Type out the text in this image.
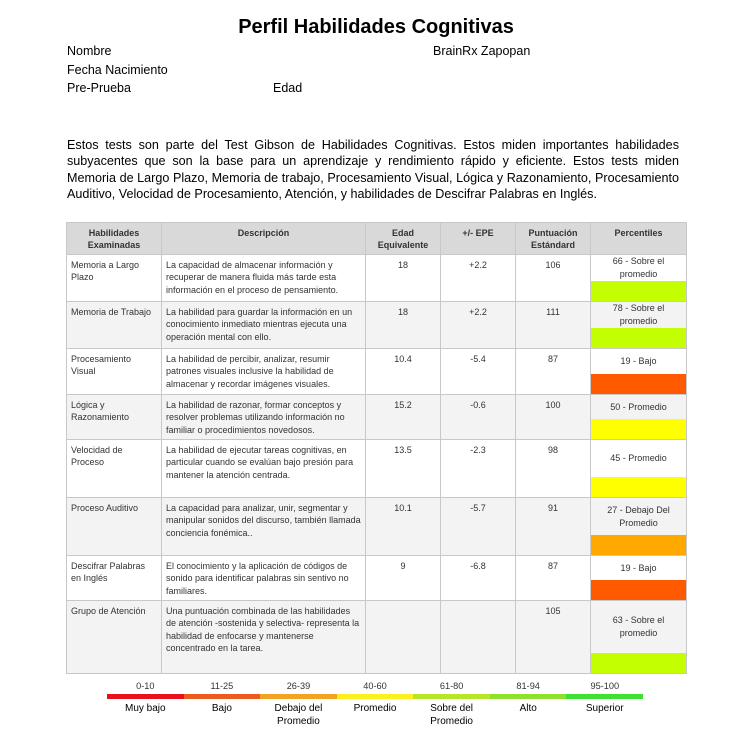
Perfil Habilidades Cognitivas
Nombre	BrainRx Zapopan
Fecha Nacimiento
Pre-Prueba	Edad
Estos tests son parte del Test Gibson de Habilidades Cognitivas. Estos miden importantes habilidades subyacentes que son la base para un aprendizaje y rendimiento rápido y eficiente. Estos tests miden Memoria de Largo Plazo, Memoria de trabajo, Procesamiento Visual, Lógica y Razonamiento, Procesamiento Auditivo, Velocidad de Procesamiento, Atención, y habilidades de Descifrar Palabras en Inglés.
Habilidades Examinadas	Descripción	Edad Equivalente	+/- EPE	Puntuación Estándard	Percentiles
Memoria a Largo Plazo	La capacidad de almacenar información y recuperar de manera fluida más tarde esta información en el proceso de pensamiento.	18	+2.2	106	66 - Sobre el promedio

Memoria de Trabajo	La habilidad para guardar la información en un conocimiento inmediato mientras ejecuta una operación mental con ello.	18	+2.2	111	78 - Sobre el promedio

Procesamiento Visual	La habilidad de percibir, analizar, resumir patrones visuales inclusive la habilidad de almacenar y recordar imágenes visuales.	10.4	-5.4	87	19 - Bajo

Lógica y Razonamiento	La habilidad de razonar, formar conceptos y resolver problemas utilizando información no familiar o procedimientos novedosos.	15.2	-0.6	100	50 - Promedio

Velocidad de Proceso	La habilidad de ejecutar tareas cognitivas, en particular cuando se evalúan bajo presión para mantener la atención centrada.	13.5	-2.3	98	45 - Promedio

Proceso Auditivo	La capacidad para analizar, unir, segmentar y manipular sonidos del discurso, también llamada conciencia fonémica..	10.1	-5.7	91	27 - Debajo Del Promedio

Descifrar Palabras en Inglés	El conocimiento y la aplicación de códigos de sonido para identificar palabras sin sentivo no familiares.	9	-6.8	87	19 - Bajo

Grupo de Atención	Una puntuación combinada de las habilidades de atención -sostenida y selectiva- representa la habilidad de enfocarse y mantenerse concentrado en la tarea.			105	63 - Sobre el promedio
0-10	11-25	26-39	40-60	61-80	81-94	95-100
Muy bajo	Bajo	Debajo del Promedio
Promedio	Sobre del Promedio
Alto	Superior
